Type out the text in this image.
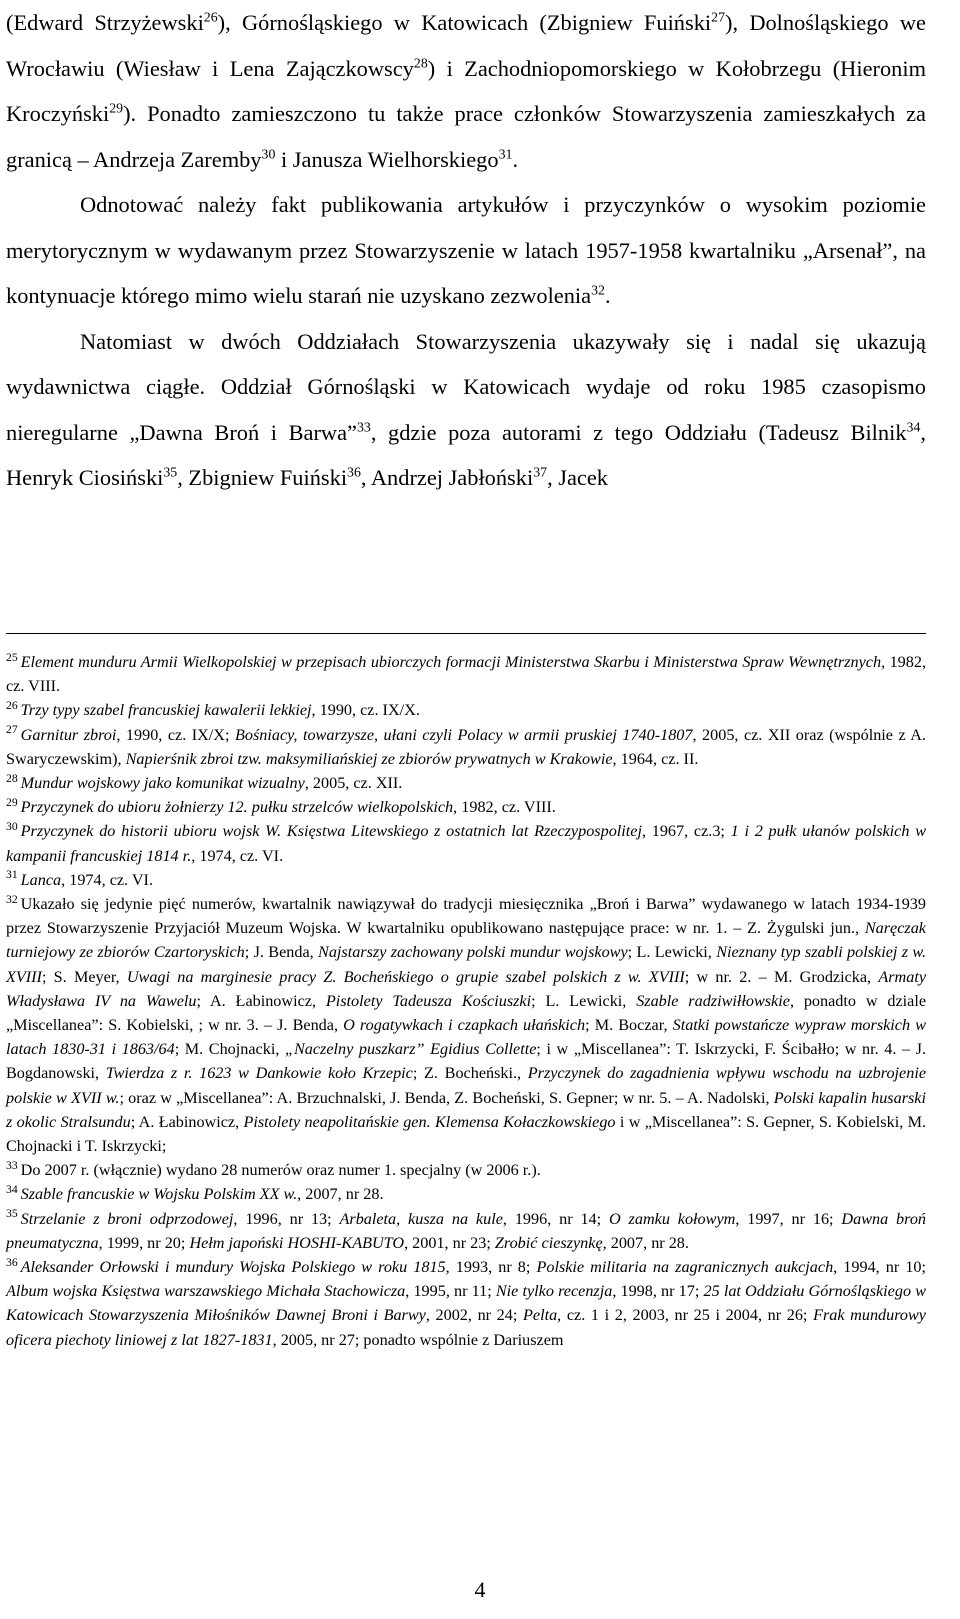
(Edward Strzyżewski$^{26}$), Górnośląskiego w Katowicach (Zbigniew Fuiński$^{27}$), Dolnośląskiego we Wrocławiu (Wiesław i Lena Zajączkowscy$^{28}$) i Zachodniopomorskiego w Kołobrzegu (Hieronim Kroczyński$^{29}$). Ponadto zamieszczono tu także prace członków Stowarzyszenia zamieszkałych za granicą – Andrzeja Zaremby$^{30}$ i Janusza Wielhorskiego$^{31}$.

Odnotować należy fakt publikowania artykułów i przyczynków o wysokim poziomie merytorycznym w wydawanym przez Stowarzyszenie w latach 1957-1958 kwartalniku „Arsenał”, na kontynuacje którego mimo wielu starań nie uzyskano zezwolenia$^{32}$.

Natomiast w dwóch Oddziałach Stowarzyszenia ukazywały się i nadal się ukazują wydawnictwa ciągłe. Oddział Górnośląski w Katowicach wydaje od roku 1985 czasopismo nieregularne „Dawna Broń i Barwa”$^{33}$, gdzie poza autorami z tego Oddziału (Tadeusz Bilnik$^{34}$, Henryk Ciosiński$^{35}$, Zbigniew Fuiński$^{36}$, Andrzej Jabłoński$^{37}$, Jacek

$^{25}$ Element munduru Armii Wielkopolskiej w przepisach ubiorczych formacji Ministerstwa Skarbu i Ministerstwa Spraw Wewnętrznych, 1982, cz. VIII.

$^{26}$ Trzy typy szabel francuskiej kawalerii lekkiej, 1990, cz. IX/X.

$^{27}$ Garnitur zbroi, 1990, cz. IX/X; Bośniacy, towarzysze, ułani czyli Polacy w armii pruskiej 1740-1807, 2005, cz. XII oraz (wspólnie z A. Swaryczewskim), Napierśnik zbroi tzw. maksymiliańskiej ze zbiorów prywatnych w Krakowie, 1964, cz. II.

$^{28}$ Mundur wojskowy jako komunikat wizualny, 2005, cz. XII.

$^{29}$ Przyczynek do ubioru żołnierzy 12. pułku strzelców wielkopolskich, 1982, cz. VIII.

$^{30}$ Przyczynek do historii ubioru wojsk W. Księstwa Litewskiego z ostatnich lat Rzeczypospolitej, 1967, cz.3; 1 i 2 pułk ułanów polskich w kampanii francuskiej 1814 r., 1974, cz. VI.

$^{31}$ Lanca, 1974, cz. VI.

$^{32}$ Ukazało się jedynie pięć numerów, kwartalnik nawiązywał do tradycji miesięcznika „Broń i Barwa” wydawanego w latach 1934-1939 przez Stowarzyszenie Przyjaciół Muzeum Wojska. W kwartalniku opublikowano następujące prace: w nr. 1. – Z. Żygulski jun., Naręczak turniejowy ze zbiorów Czartoryskich; J. Benda, Najstarszy zachowany polski mundur wojskowy; L. Lewicki, Nieznany typ szabli polskiej z w. XVIII; S. Meyer, Uwagi na marginesie pracy Z. Bocheńskiego o grupie szabel polskich z w. XVIII; w nr. 2. – M. Grodzicka, Armaty Władysława IV na Wawelu; A. Łabinowicz, Pistolety Tadeusza Kościuszki; L. Lewicki, Szable radziwiłłowskie, ponadto w dziale „Miscellanea”: S. Kobielski, ; w nr. 3. – J. Benda, O rogatywkach i czapkach ułańskich; M. Boczar, Statki powstańcze wypraw morskich w latach 1830-31 i 1863/64; M. Chojnacki, „Naczelny puszkarz” Egidius Collette; i w „Miscellanea”: T. Iskrzycki, F. Ścibałło; w nr. 4. – J. Bogdanowski, Twierdza z r. 1623 w Dankowie koło Krzepic; Z. Bocheński., Przyczynek do zagadnienia wpływu wschodu na uzbrojenie polskie w XVII w.; oraz w „Miscellanea”: A. Brzuchnalski, J. Benda, Z. Bocheński, S. Gepner; w nr. 5. – A. Nadolski, Polski kapalin husarski z okolic Stralsundu; A. Łabinowicz, Pistolety neapolitańskie gen. Klemensa Kołaczkowskiego i w „Miscellanea”: S. Gepner, S. Kobielski, M. Chojnacki i T. Iskrzycki;

$^{33}$ Do 2007 r. (włącznie) wydano 28 numerów oraz numer 1. specjalny (w 2006 r.).

$^{34}$ Szable francuskie w Wojsku Polskim XX w., 2007, nr 28.

$^{35}$ Strzelanie z broni odprzodowej, 1996, nr 13; Arbaleta, kusza na kule, 1996, nr 14; O zamku kołowym, 1997, nr 16; Dawna broń pneumatyczna, 1999, nr 20; Hełm japoński HOSHI-KABUTO, 2001, nr 23; Zrobić cieszynkę, 2007, nr 28.

$^{36}$ Aleksander Orłowski i mundury Wojska Polskiego w roku 1815, 1993, nr 8; Polskie militaria na zagranicznych aukcjach, 1994, nr 10; Album wojska Księstwa warszawskiego Michała Stachowicza, 1995, nr 11; Nie tylko recenzja, 1998, nr 17; 25 lat Oddziału Górnośląskiego w Katowicach Stowarzyszenia Miłośników Dawnej Broni i Barwy, 2002, nr 24; Pelta, cz. 1 i 2, 2003, nr 25 i 2004, nr 26; Frak mundurowy oficera piechoty liniowej z lat 1827-1831, 2005, nr 27; ponadto wspólnie z Dariuszem

4
